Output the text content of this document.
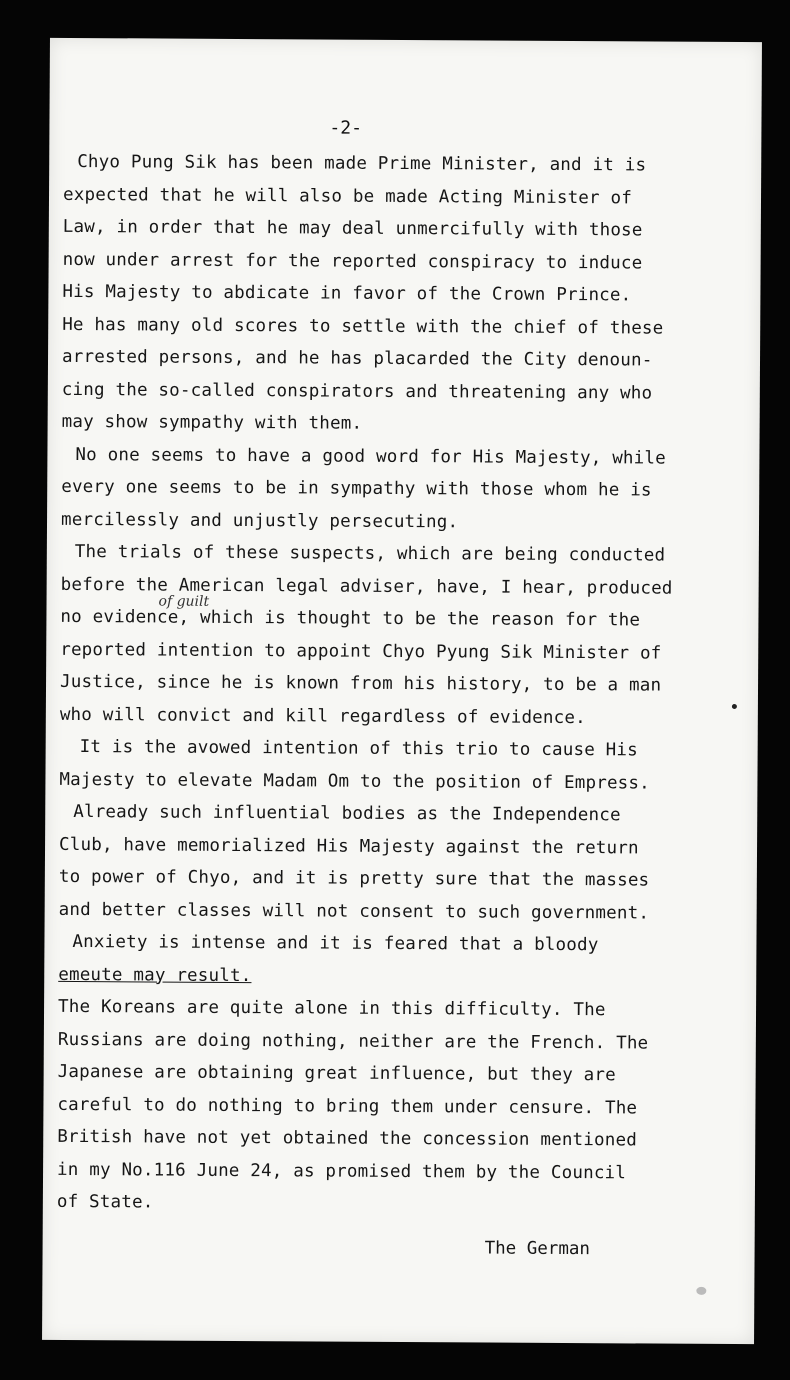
-2-
Chyo Pung Sik has been made Prime Minister, and it is
expected that he will also be made Acting Minister of
Law, in order that he may deal unmercifully with those
now under arrest for the reported conspiracy to induce
His Majesty to abdicate in favor of the Crown Prince.
He has many old scores to settle with the chief of these
arrested persons, and he has placarded the City denoun-
cing the so-called conspirators and threatening any who
may show sympathy with them.
No one seems to have a good word for His Majesty, while
every one seems to be in sympathy with those whom he is
mercilessly and unjustly persecuting.
The trials of these suspects, which are being conducted
before the American legal adviser, have, I hear, produced
no evidence, which is thought to be the reason for the
reported intention to appoint Chyo Pyung Sik Minister of
Justice, since he is known from his history, to be a man
who will convict and kill regardless of evidence.
It is the avowed intention of this trio to cause His
Majesty to elevate Madam Om to the position of Empress.
Already such influential bodies as the Independence
Club, have memorialized His Majesty against the return
to power of Chyo, and it is pretty sure that the masses
and better classes will not consent to such government.
Anxiety is intense and it is feared that a bloody
emeute may result.
The Koreans are quite alone in this difficulty. The
Russians are doing nothing, neither are the French. The
Japanese are obtaining great influence, but they are
careful to do nothing to bring them under censure. The
British have not yet obtained the concession mentioned
in my No.116 June 24, as promised them by the Council
of State.
of guilt
The German
